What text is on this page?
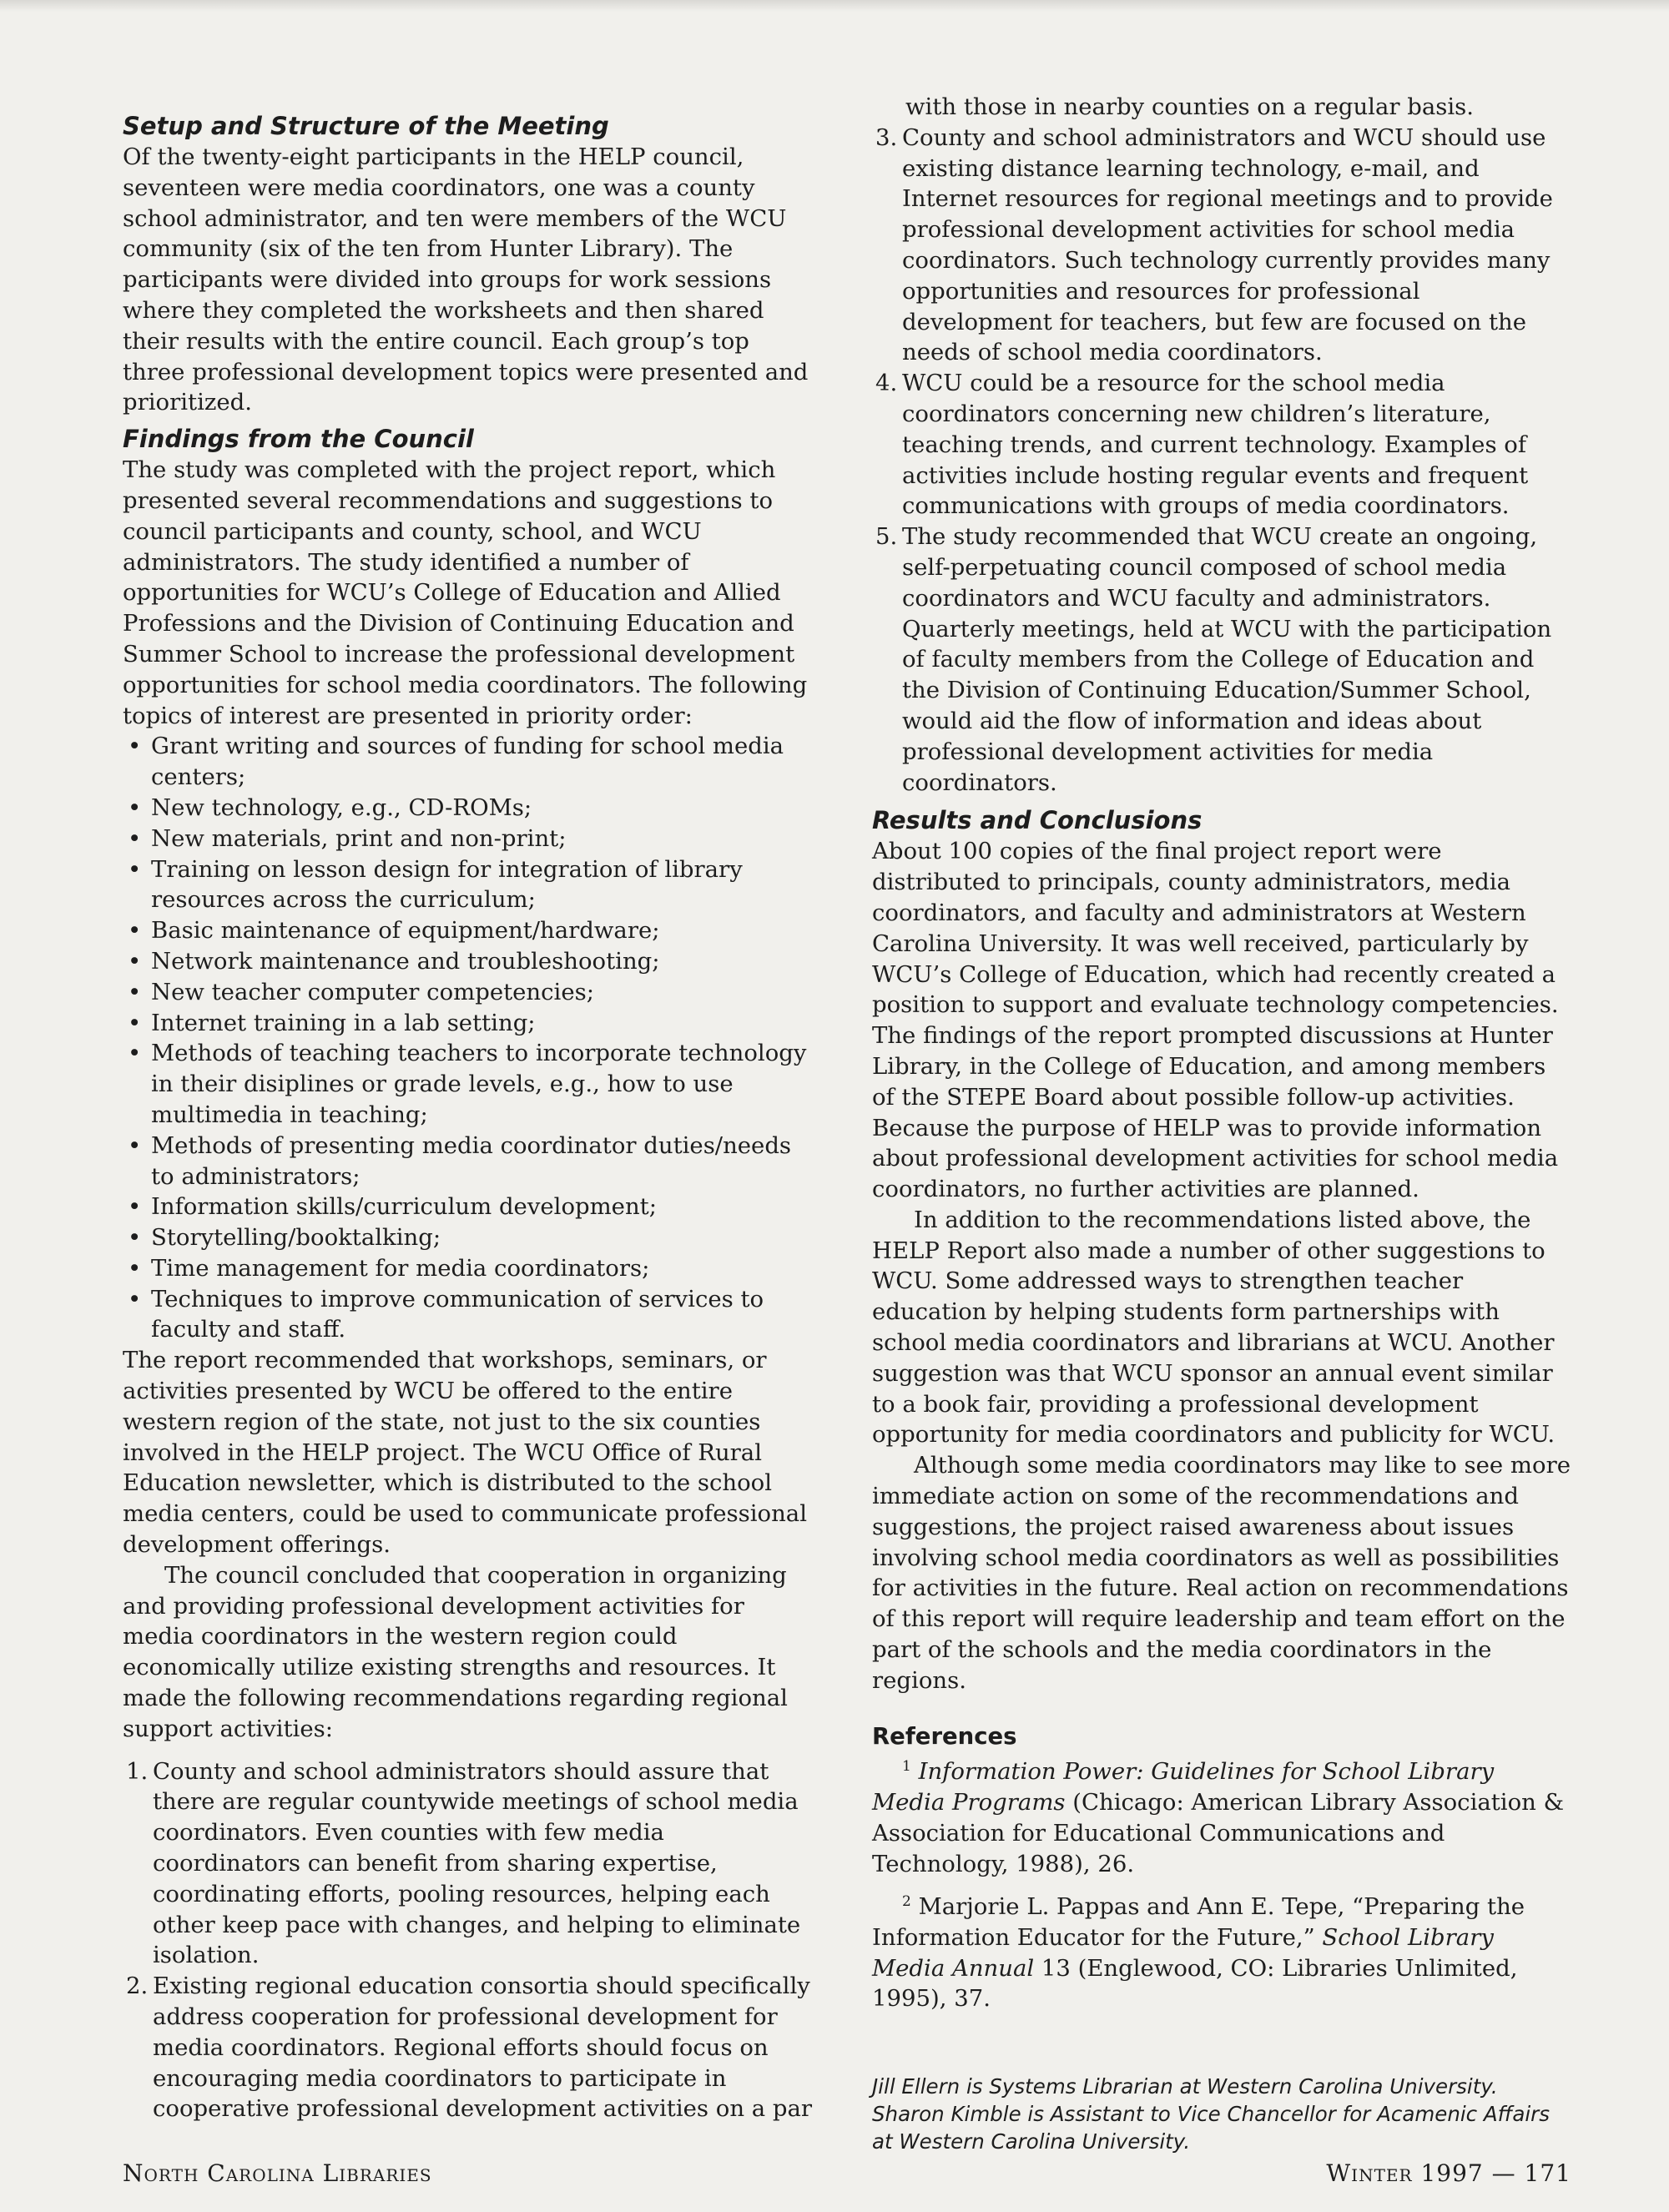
Setup and Structure of the Meeting

Of the twenty-eight participants in the HELP council, seventeen were media coordinators, one was a county school administrator, and ten were members of the WCU community (six of the ten from Hunter Library). The participants were divided into groups for work sessions where they completed the worksheets and then shared their results with the entire council. Each group’s top three professional development topics were presented and prioritized.

Findings from the Council

The study was completed with the project report, which presented several recommendations and suggestions to council participants and county, school, and WCU administrators. The study identified a number of opportunities for WCU’s College of Education and Allied Professions and the Division of Continuing Education and Summer School to increase the professional development opportunities for school media coordinators. The following topics of interest are presented in priority order:

• Grant writing and sources of funding for school media centers;
• New technology, e.g., CD-ROMs;
• New materials, print and non-print;
• Training on lesson design for integration of library resources across the curriculum;
• Basic maintenance of equipment/hardware;
• Network maintenance and troubleshooting;
• New teacher computer competencies;
• Internet training in a lab setting;
• Methods of teaching teachers to incorporate technology in their disiplines or grade levels, e.g., how to use multimedia in teaching;
• Methods of presenting media coordinator duties/needs to administrators;
• Information skills/curriculum development;
• Storytelling/booktalking;
• Time management for media coordinators;
• Techniques to improve communication of services to faculty and staff.

The report recommended that workshops, seminars, or activities presented by WCU be offered to the entire western region of the state, not just to the six counties involved in the HELP project. The WCU Office of Rural Education newsletter, which is distributed to the school media centers, could be used to communicate professional development offerings.

The council concluded that cooperation in organizing and providing professional development activities for media coordinators in the western region could economically utilize existing strengths and resources. It made the following recommendations regarding regional support activities:

1. County and school administrators should assure that there are regular countywide meetings of school media coordinators. Even counties with few media coordinators can benefit from sharing expertise, coordinating efforts, pooling resources, helping each other keep pace with changes, and helping to eliminate isolation.
2. Existing regional education consortia should specifically address cooperation for professional development for media coordinators. Regional efforts should focus on encouraging media coordinators to participate in cooperative professional development activities on a par

with those in nearby counties on a regular basis.

3. County and school administrators and WCU should use existing distance learning technology, e-mail, and Internet resources for regional meetings and to provide professional development activities for school media coordinators. Such technology currently provides many opportunities and resources for professional development for teachers, but few are focused on the needs of school media coordinators.
4. WCU could be a resource for the school media coordinators concerning new children’s literature, teaching trends, and current technology. Examples of activities include hosting regular events and frequent communications with groups of media coordinators.
5. The study recommended that WCU create an ongoing, self-perpetuating council composed of school media coordinators and WCU faculty and administrators. Quarterly meetings, held at WCU with the participation of faculty members from the College of Education and the Division of Continuing Education/Summer School, would aid the flow of information and ideas about professional development activities for media coordinators.
Results and Conclusions

About 100 copies of the final project report were distributed to principals, county administrators, media coordinators, and faculty and administrators at Western Carolina University. It was well received, particularly by WCU’s College of Education, which had recently created a position to support and evaluate technology competencies. The findings of the report prompted discussions at Hunter Library, in the College of Education, and among members of the STEPE Board about possible follow-up activities. Because the purpose of HELP was to provide information about professional development activities for school media coordinators, no further activities are planned.

In addition to the recommendations listed above, the HELP Report also made a number of other suggestions to WCU. Some addressed ways to strengthen teacher education by helping students form partnerships with school media coordinators and librarians at WCU. Another suggestion was that WCU sponsor an annual event similar to a book fair, providing a professional development opportunity for media coordinators and publicity for WCU.

Although some media coordinators may like to see more immediate action on some of the recommendations and suggestions, the project raised awareness about issues involving school media coordinators as well as possibilities for activities in the future. Real action on recommendations of this report will require leadership and team effort on the part of the schools and the media coordinators in the regions.

References

$^1$ Information Power: Guidelines for School Library Media Programs (Chicago: American Library Association & Association for Educational Communications and Technology, 1988), 26.

$^2$ Marjorie L. Pappas and Ann E. Tepe, “Preparing the Information Educator for the Future,” School Library Media Annual 13 (Englewood, CO: Libraries Unlimited, 1995), 37.

Jill Ellern is Systems Librarian at Western Carolina University.
Sharon Kimble is Assistant to Vice Chancellor for Acamenic Affairs at Western Carolina University.
North Carolina Libraries	Winter 1997 — 171
